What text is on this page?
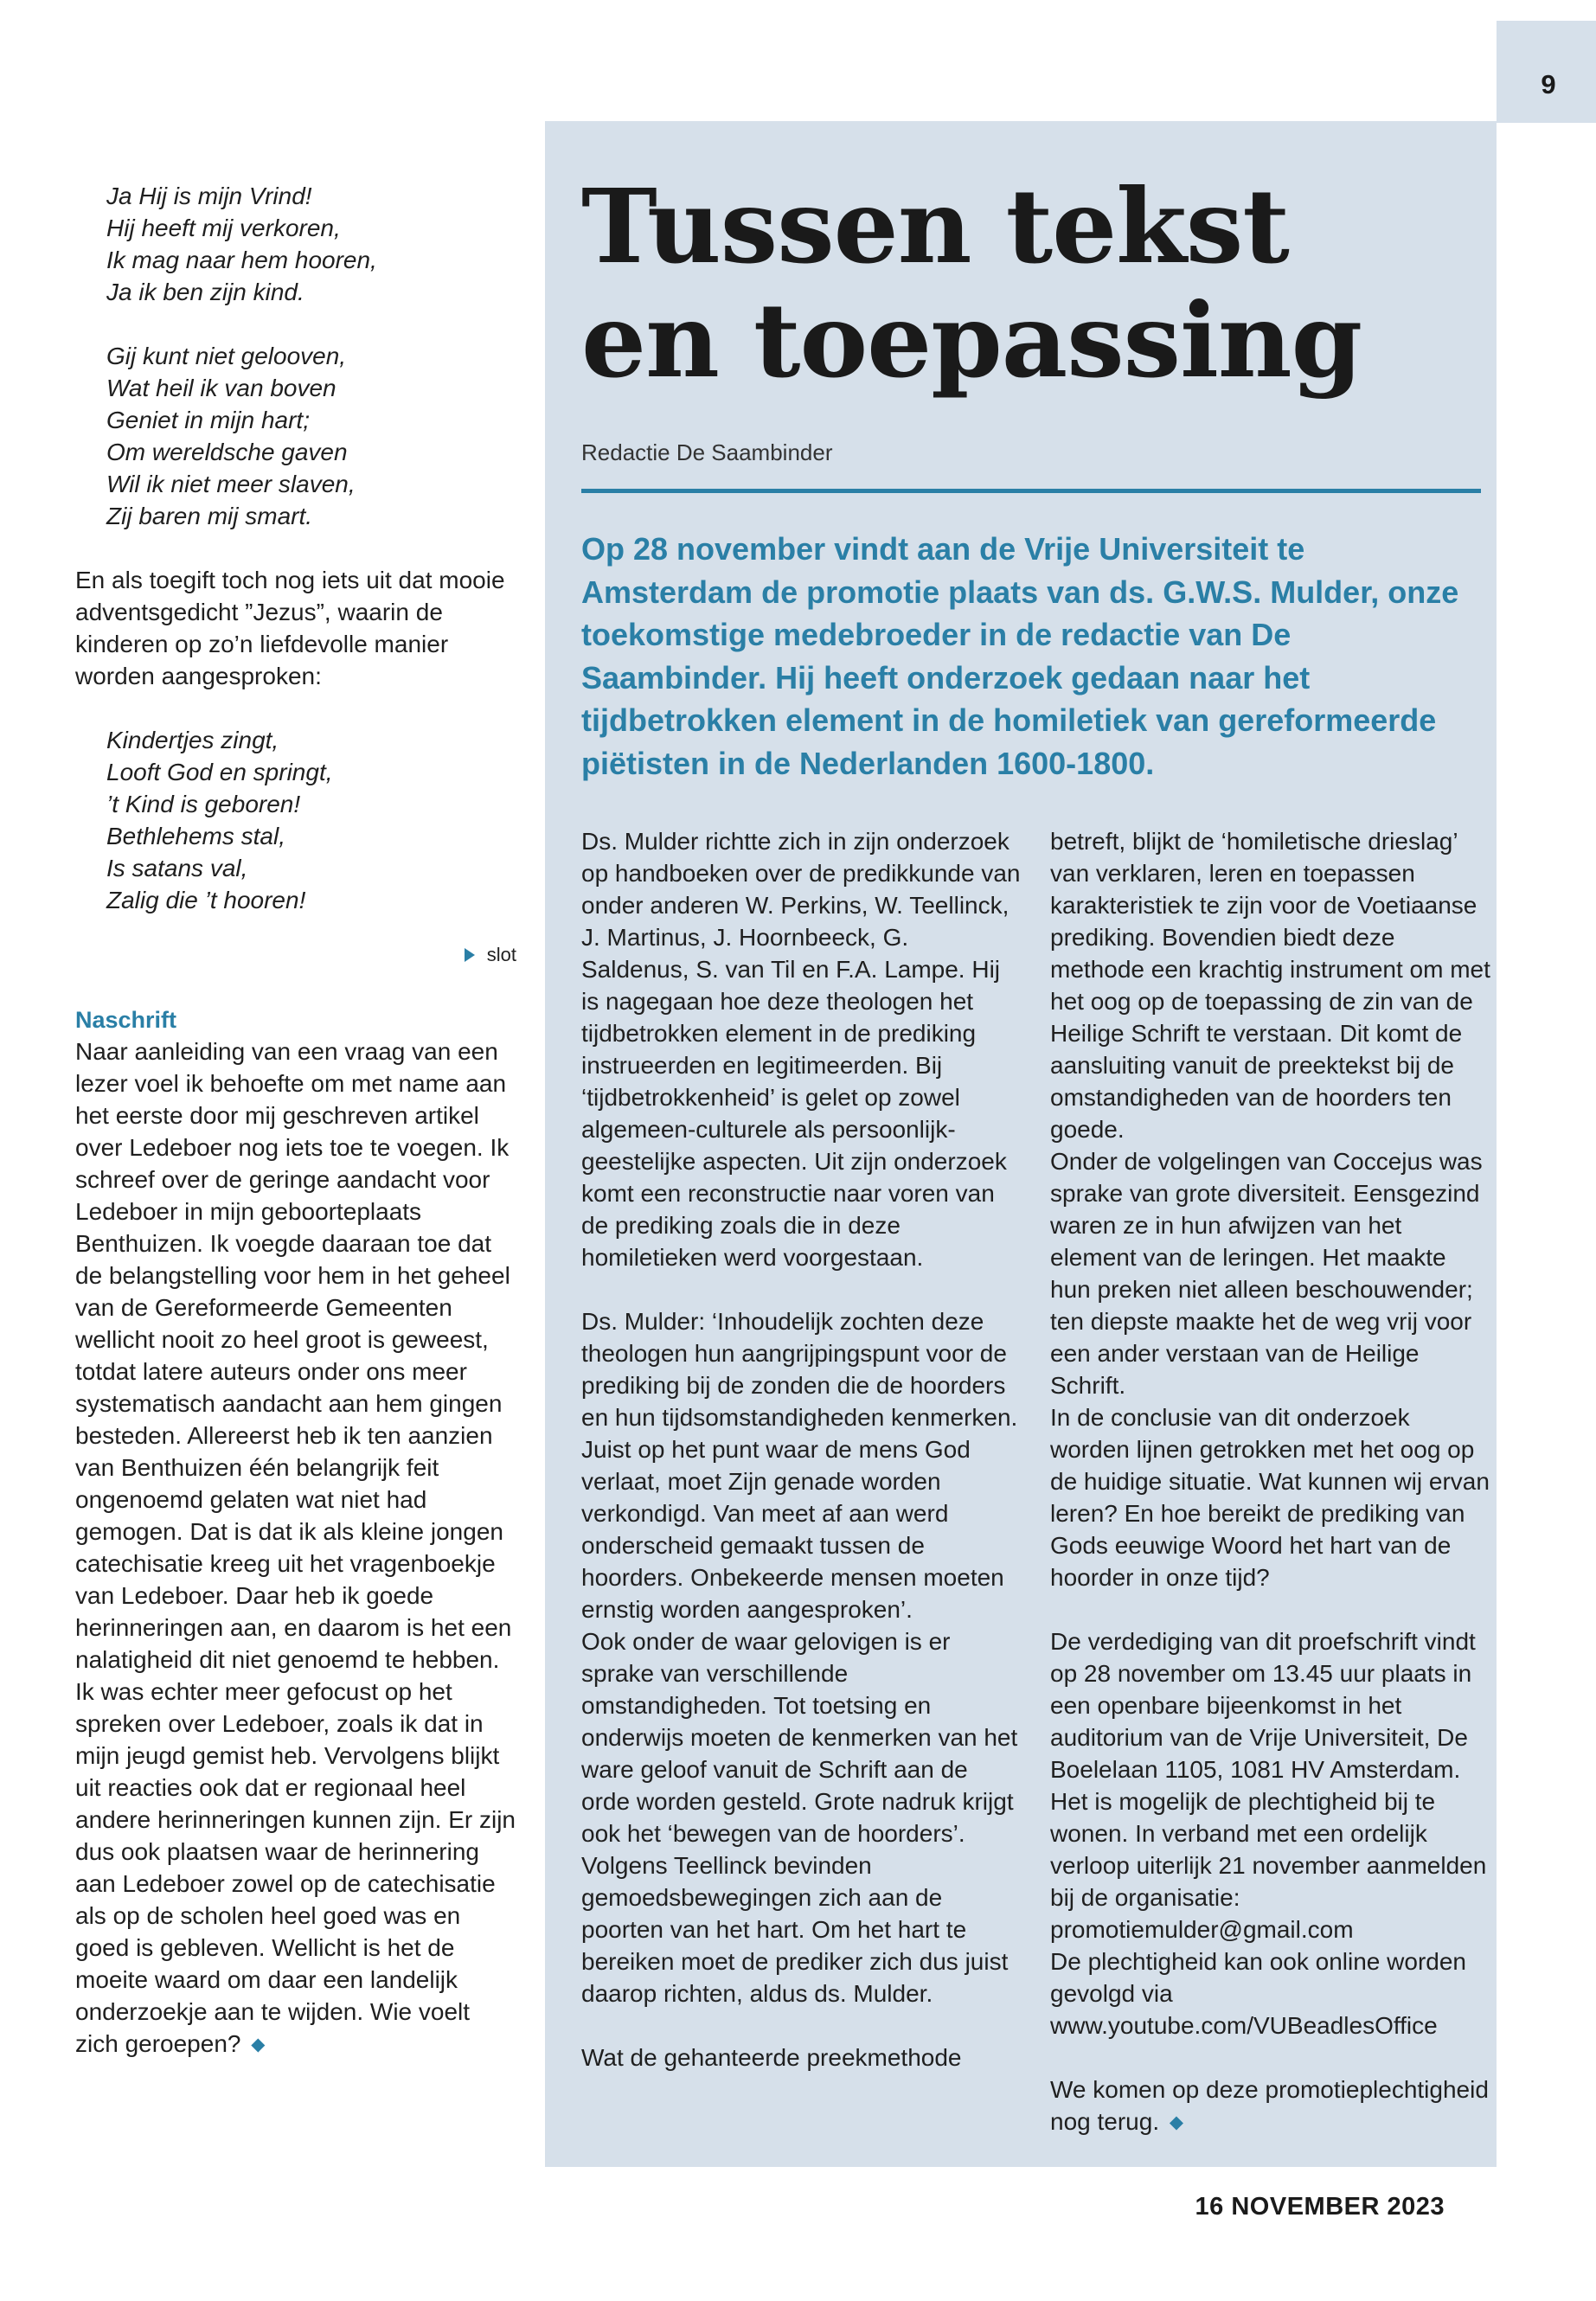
9
Ja Hij is mijn Vrind!
Hij heeft mij verkoren,
Ik mag naar hem hooren,
Ja ik ben zijn kind.
Gij kunt niet gelooven,
Wat heil ik van boven
Geniet in mijn hart;
Om wereldsche gaven
Wil ik niet meer slaven,
Zij baren mij smart.
En als toegift toch nog iets uit dat mooie adventsgedicht ”Jezus”, waarin de kinderen op zo’n liefdevolle manier worden aangesproken:
Kindertjes zingt,
Looft God en springt,
’t Kind is geboren!
Bethlehems stal,
Is satans val,
Zalig die ’t hooren!
slot
Naschrift
Naar aanleiding van een vraag van een lezer voel ik behoefte om met name aan het eerste door mij geschreven artikel over Ledeboer nog iets toe te voegen. Ik schreef over de geringe aandacht voor Ledeboer in mijn geboorteplaats Benthuizen. Ik voegde daaraan toe dat de belangstelling voor hem in het geheel van de Gereformeerde Gemeenten wellicht nooit zo heel groot is geweest, totdat latere auteurs onder ons meer systematisch aandacht aan hem gingen besteden. Allereerst heb ik ten aanzien van Benthuizen één belangrijk feit ongenoemd gelaten wat niet had gemogen. Dat is dat ik als kleine jongen catechisatie kreeg uit het vragenboekje van Ledeboer. Daar heb ik goede herinneringen aan, en daarom is het een nalatigheid dit niet genoemd te hebben. Ik was echter meer gefocust op het spreken over Ledeboer, zoals ik dat in mijn jeugd gemist heb. Vervolgens blijkt uit reacties ook dat er regionaal heel andere herinneringen kunnen zijn. Er zijn dus ook plaatsen waar de herinnering aan Ledeboer zowel op de catechisatie als op de scholen heel goed was en goed is gebleven. Wellicht is het de moeite waard om daar een landelijk onderzoekje aan te wijden. Wie voelt zich geroepen? ◆
Tussen tekst
en toepassing
Redactie De Saambinder
Op 28 november vindt aan de Vrije Universiteit te Amsterdam de promotie plaats van ds. G.W.S. Mulder, onze toekomstige medebroeder in de redactie van De Saambinder. Hij heeft onderzoek gedaan naar het tijdbetrokken element in de homiletiek van gereformeerde piëtisten in de Nederlanden 1600-1800.

Ds. Mulder richtte zich in zijn onderzoek op handboeken over de predikkunde van onder anderen W. Perkins, W. Teellinck, J. Martinus, J. Hoornbeeck, G. Saldenus, S. van Til en F.A. Lampe. Hij is nagegaan hoe deze theologen het tijdbetrokken element in de prediking instrueerden en legitimeerden. Bij ‘tijdbetrokkenheid’ is gelet op zowel algemeen-culturele als persoonlijk-geestelijke aspecten. Uit zijn onderzoek komt een reconstructie naar voren van de prediking zoals die in deze homiletieken werd voorgestaan.

Ds. Mulder: ‘Inhoudelijk zochten deze theologen hun aangrijpingspunt voor de prediking bij de zonden die de hoorders en hun tijdsomstandigheden kenmerken. Juist op het punt waar de mens God verlaat, moet Zijn genade worden verkondigd. Van meet af aan werd onderscheid gemaakt tussen de hoorders. Onbekeerde mensen moeten ernstig worden aangesproken’.

Ook onder de waar gelovigen is er sprake van verschillende omstandigheden. Tot toetsing en onderwijs moeten de kenmerken van het ware geloof vanuit de Schrift aan de orde worden gesteld. Grote nadruk krijgt ook het ‘bewegen van de hoorders’. Volgens Teellinck bevinden gemoedsbewegingen zich aan de poorten van het hart. Om het hart te bereiken moet de prediker zich dus juist daarop richten, aldus ds. Mulder.

Wat de gehanteerde preekmethode

betreft, blijkt de ‘homiletische drieslag’ van verklaren, leren en toepassen karakteristiek te zijn voor de Voetiaanse prediking. Bovendien biedt deze methode een krachtig instrument om met het oog op de toepassing de zin van de Heilige Schrift te verstaan. Dit komt de aansluiting vanuit de preektekst bij de omstandigheden van de hoorders ten goede.

Onder de volgelingen van Coccejus was sprake van grote diversiteit. Eensgezind waren ze in hun afwijzen van het element van de leringen. Het maakte hun preken niet alleen beschouwender; ten diepste maakte het de weg vrij voor een ander verstaan van de Heilige Schrift.

In de conclusie van dit onderzoek worden lijnen getrokken met het oog op de huidige situatie. Wat kunnen wij ervan leren? En hoe bereikt de prediking van Gods eeuwige Woord het hart van de hoorder in onze tijd?

De verdediging van dit proefschrift vindt op 28 november om 13.45 uur plaats in een openbare bijeenkomst in het auditorium van de Vrije Universiteit, De Boelelaan 1105, 1081 HV Amsterdam. Het is mogelijk de plechtigheid bij te wonen. In verband met een ordelijk verloop uiterlijk 21 november aanmelden bij de organisatie: promotiemulder@gmail.com

De plechtigheid kan ook online worden gevolgd via www.youtube.com/VUBeadlesOffice

We komen op deze promotieplechtigheid nog terug. ◆

16 NOVEMBER 2023
